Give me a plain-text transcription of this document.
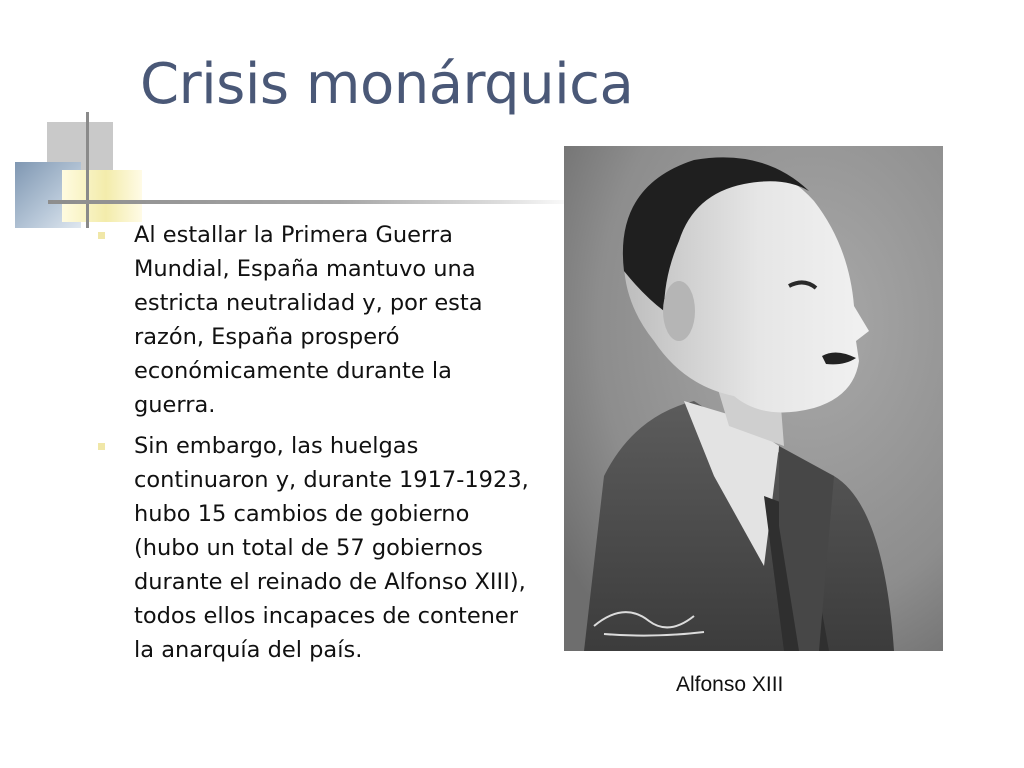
Crisis monárquica
Al estallar la Primera Guerra Mundial, España mantuvo una estricta neutralidad y, por esta razón, España prosperó económicamente durante la guerra.
Sin embargo, las huelgas continuaron y, durante 1917-1923, hubo 15 cambios de gobierno (hubo un total de 57 gobiernos durante el reinado de Alfonso XIII), todos ellos incapaces de contener la anarquía del país.
Alfonso XIII
